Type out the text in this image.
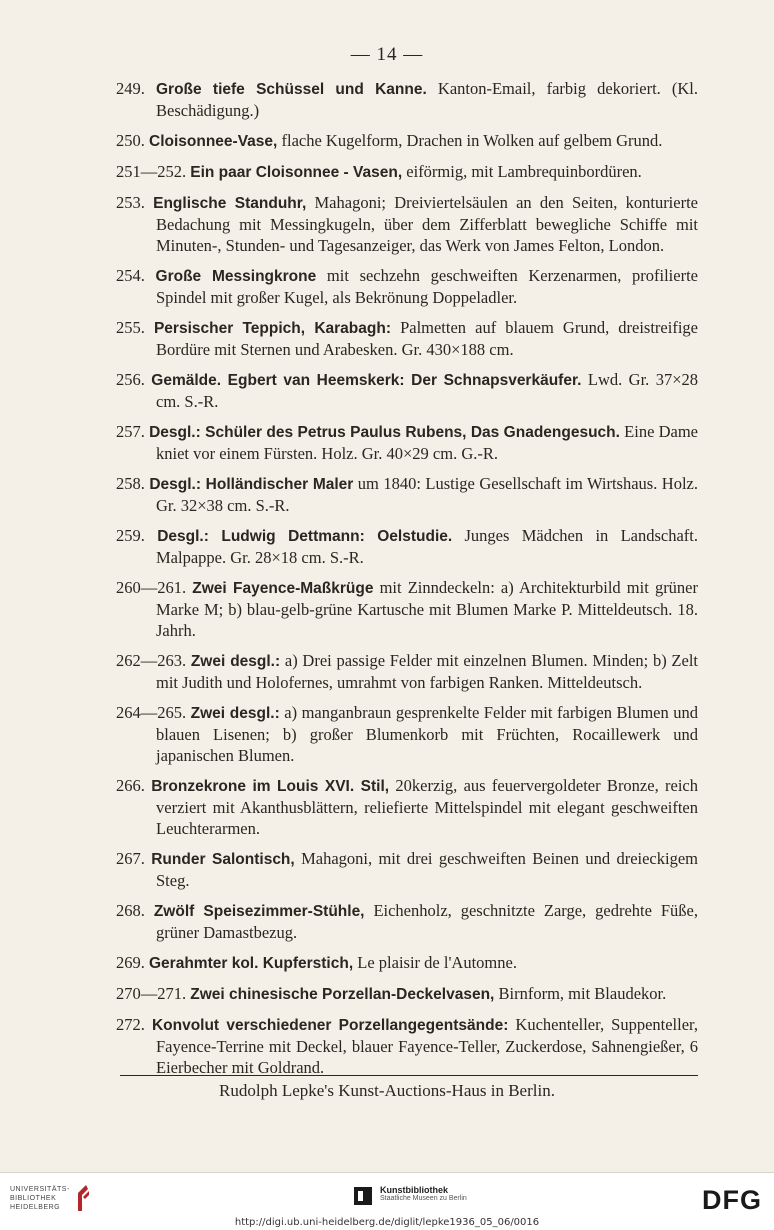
— 14 —
249. Große tiefe Schüssel und Kanne. Kanton-Email, farbig dekoriert. (Kl. Beschädigung.)
250. Cloisonnee-Vase, flache Kugelform, Drachen in Wolken auf gelbem Grund.
251—252. Ein paar Cloisonnee - Vasen, eiförmig, mit Lambrequinbordüren.
253. Englische Standuhr, Mahagoni; Dreiviertelsäulen an den Seiten, konturierte Bedachung mit Messingkugeln, über dem Zifferblatt bewegliche Schiffe mit Minuten-, Stunden- und Tagesanzeiger, das Werk von James Felton, London.
254. Große Messingkrone mit sechzehn geschweiften Kerzenarmen, profilierte Spindel mit großer Kugel, als Bekrönung Doppeladler.
255. Persischer Teppich, Karabagh: Palmetten auf blauem Grund, dreistreifige Bordüre mit Sternen und Arabesken. Gr. 430×188 cm.
256. Gemälde. Egbert van Heemskerk: Der Schnapsverkäufer. Lwd. Gr. 37×28 cm. S.-R.
257. Desgl.: Schüler des Petrus Paulus Rubens, Das Gnadengesuch. Eine Dame kniet vor einem Fürsten. Holz. Gr. 40×29 cm. G.-R.
258. Desgl.: Holländischer Maler um 1840: Lustige Gesellschaft im Wirtshaus. Holz. Gr. 32×38 cm. S.-R.
259. Desgl.: Ludwig Dettmann: Oelstudie. Junges Mädchen in Landschaft. Malpappe. Gr. 28×18 cm. S.-R.
260—261. Zwei Fayence-Maßkrüge mit Zinndeckeln: a) Architekturbild mit grüner Marke M; b) blau-gelb-grüne Kartusche mit Blumen Marke P. Mitteldeutsch. 18. Jahrh.
262—263. Zwei desgl.: a) Drei passige Felder mit einzelnen Blumen. Minden; b) Zelt mit Judith und Holofernes, umrahmt von farbigen Ranken. Mitteldeutsch.
264—265. Zwei desgl.: a) manganbraun gesprenkelte Felder mit farbigen Blumen und blauen Lisenen; b) großer Blumenkorb mit Früchten, Rocaillewerk und japanischen Blumen.
266. Bronzekrone im Louis XVI. Stil, 20kerzig, aus feuervergoldeter Bronze, reich verziert mit Akanthusblättern, reliefierte Mittelspindel mit elegant geschweiften Leuchterarmen.
267. Runder Salontisch, Mahagoni, mit drei geschweiften Beinen und dreieckigem Steg.
268. Zwölf Speisezimmer-Stühle, Eichenholz, geschnitzte Zarge, gedrehte Füße, grüner Damastbezug.
269. Gerahmter kol. Kupferstich, Le plaisir de l'Automne.
270—271. Zwei chinesische Porzellan-Deckelvasen, Birnform, mit Blaudekor.
272. Konvolut verschiedener Porzellangegentsände: Kuchenteller, Suppenteller, Fayence-Terrine mit Deckel, blauer Fayence-Teller, Zuckerdose, Sahnengießer, 6 Eierbecher mit Goldrand.
Rudolph Lepke's Kunst-Auctions-Haus in Berlin.
UNIVERSITÄTS-
BIBLIOTHEK
HEIDELBERG
Kunstbibliothek
Staatliche Museen zu Berlin	DFG
http://digi.ub.uni-heidelberg.de/diglit/lepke1936_05_06/0016
